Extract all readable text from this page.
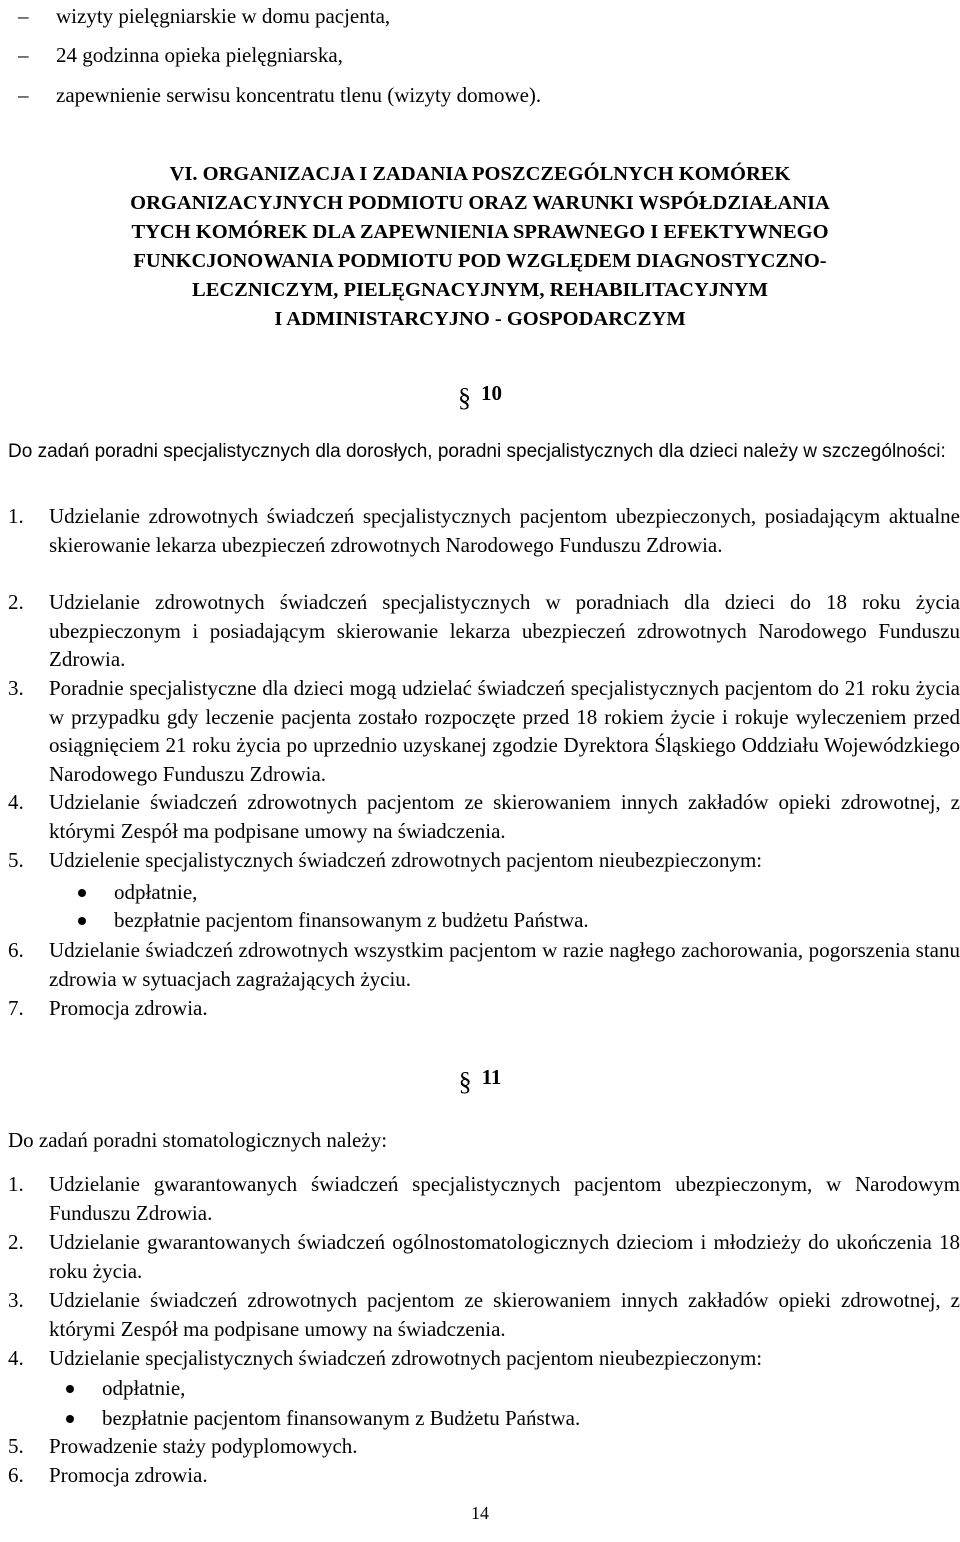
– wizyty pielęgniarskie w domu pacjenta,
– 24 godzinna opieka pielęgniarska,
– zapewnienie serwisu koncentratu tlenu (wizyty domowe).
VI. ORGANIZACJA I ZADANIA POSZCZEGÓLNYCH KOMÓREK
ORGANIZACYJNYCH PODMIOTU ORAZ WARUNKI WSPÓŁDZIAŁANIA
TYCH KOMÓREK DLA ZAPEWNIENIA SPRAWNEGO I EFEKTYWNEGO
FUNKCJONOWANIA PODMIOTU POD WZGLĘDEM DIAGNOSTYCZNO-
LECZNICZYM, PIELĘGNACYJNYM, REHABILITACYJNYM
I ADMINISTARCYJNO - GOSPODARCZYM
§ 10
Do zadań poradni specjalistycznych dla dorosłych, poradni specjalistycznych dla dzieci należy w szczególności:
1. Udzielanie zdrowotnych świadczeń specjalistycznych pacjentom ubezpieczonych, posiadającym aktualne skierowanie lekarza ubezpieczeń zdrowotnych Narodowego Funduszu Zdrowia.
2. Udzielanie zdrowotnych świadczeń specjalistycznych w poradniach dla dzieci do 18 roku życia ubezpieczonym i posiadającym skierowanie lekarza ubezpieczeń zdrowotnych Narodowego Funduszu Zdrowia.
3. Poradnie specjalistyczne dla dzieci mogą udzielać świadczeń specjalistycznych pacjentom do 21 roku życia w przypadku gdy leczenie pacjenta zostało rozpoczęte przed 18 rokiem życie i rokuje wyleczeniem przed osiągnięciem 21 roku życia po uprzednio uzyskanej zgodzie Dyrektora Śląskiego Oddziału Wojewódzkiego Narodowego Funduszu Zdrowia.
4. Udzielanie świadczeń zdrowotnych pacjentom ze skierowaniem innych zakładów opieki zdrowotnej, z którymi Zespół ma podpisane umowy na świadczenia.
5. Udzielenie specjalistycznych świadczeń zdrowotnych pacjentom nieubezpieczonym:
odpłatnie,
bezpłatnie pacjentom finansowanym z budżetu Państwa.
6. Udzielanie świadczeń zdrowotnych wszystkim pacjentom w razie nagłego zachorowania, pogorszenia stanu zdrowia w sytuacjach zagrażających życiu.
7. Promocja zdrowia.
§ 11
Do zadań poradni stomatologicznych należy:
1. Udzielanie gwarantowanych świadczeń specjalistycznych pacjentom ubezpieczonym, w Narodowym Funduszu Zdrowia.
2. Udzielanie gwarantowanych świadczeń ogólnostomatologicznych dzieciom i młodzieży do ukończenia 18 roku życia.
3. Udzielanie świadczeń zdrowotnych pacjentom ze skierowaniem innych zakładów opieki zdrowotnej, z którymi Zespół ma podpisane umowy na świadczenia.
4. Udzielanie specjalistycznych świadczeń zdrowotnych pacjentom nieubezpieczonym:
odpłatnie,
bezpłatnie pacjentom finansowanym z Budżetu Państwa.
5. Prowadzenie staży podyplomowych.
6. Promocja zdrowia.
14
